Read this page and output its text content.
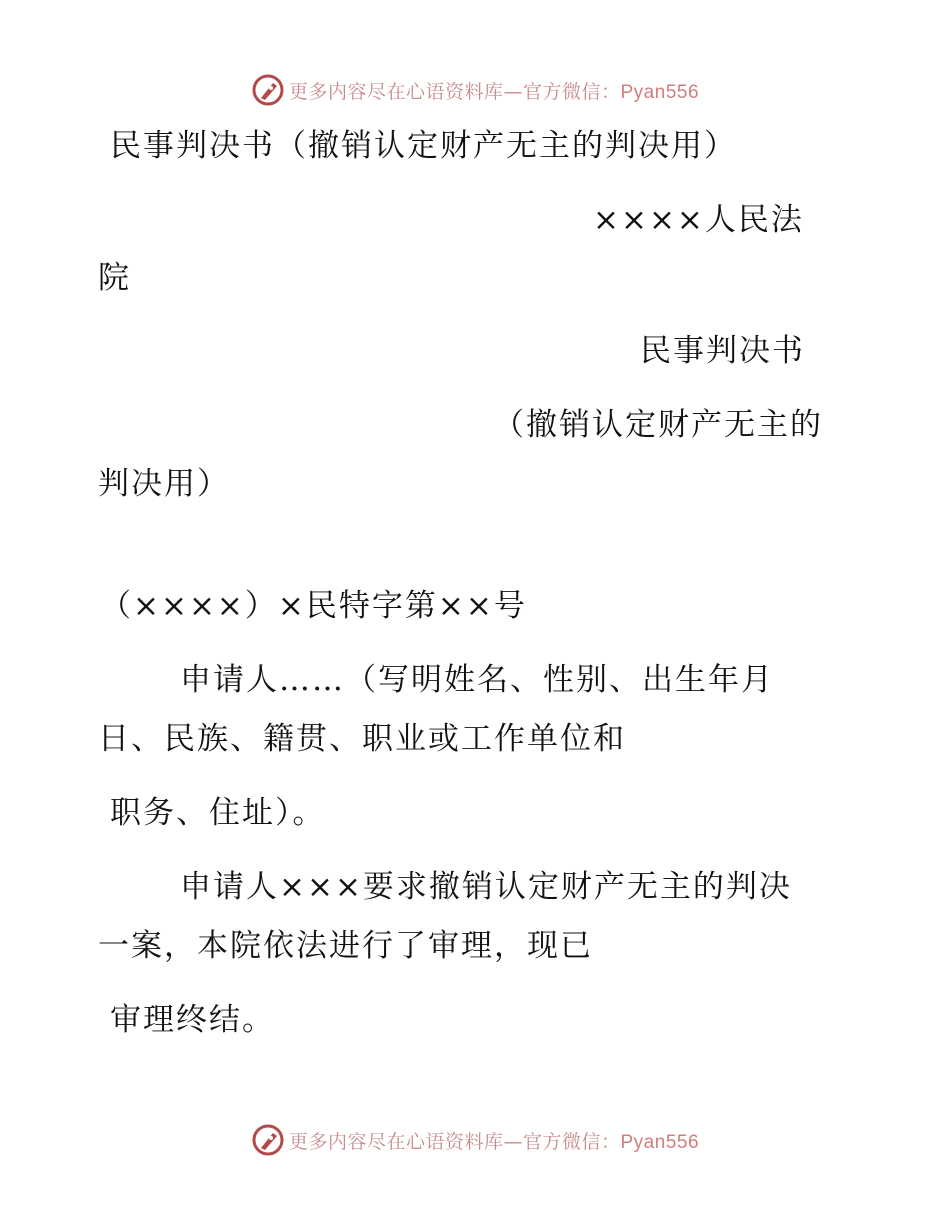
更多内容尽在心语资料库—官方微信：Pyan556
民事判决书（撤销认定财产无主的判决用）
××××人民法
院
民事判决书
（撤销认定财产无主的
判决用）
（××××）×民特字第××号
申请人……（写明姓名、性别、出生年月
日、民族、籍贯、职业或工作单位和
职务、住址）。
申请人×××要求撤销认定财产无主的判决
一案，本院依法进行了审理，现已
审理终结。
更多内容尽在心语资料库—官方微信：Pyan556
